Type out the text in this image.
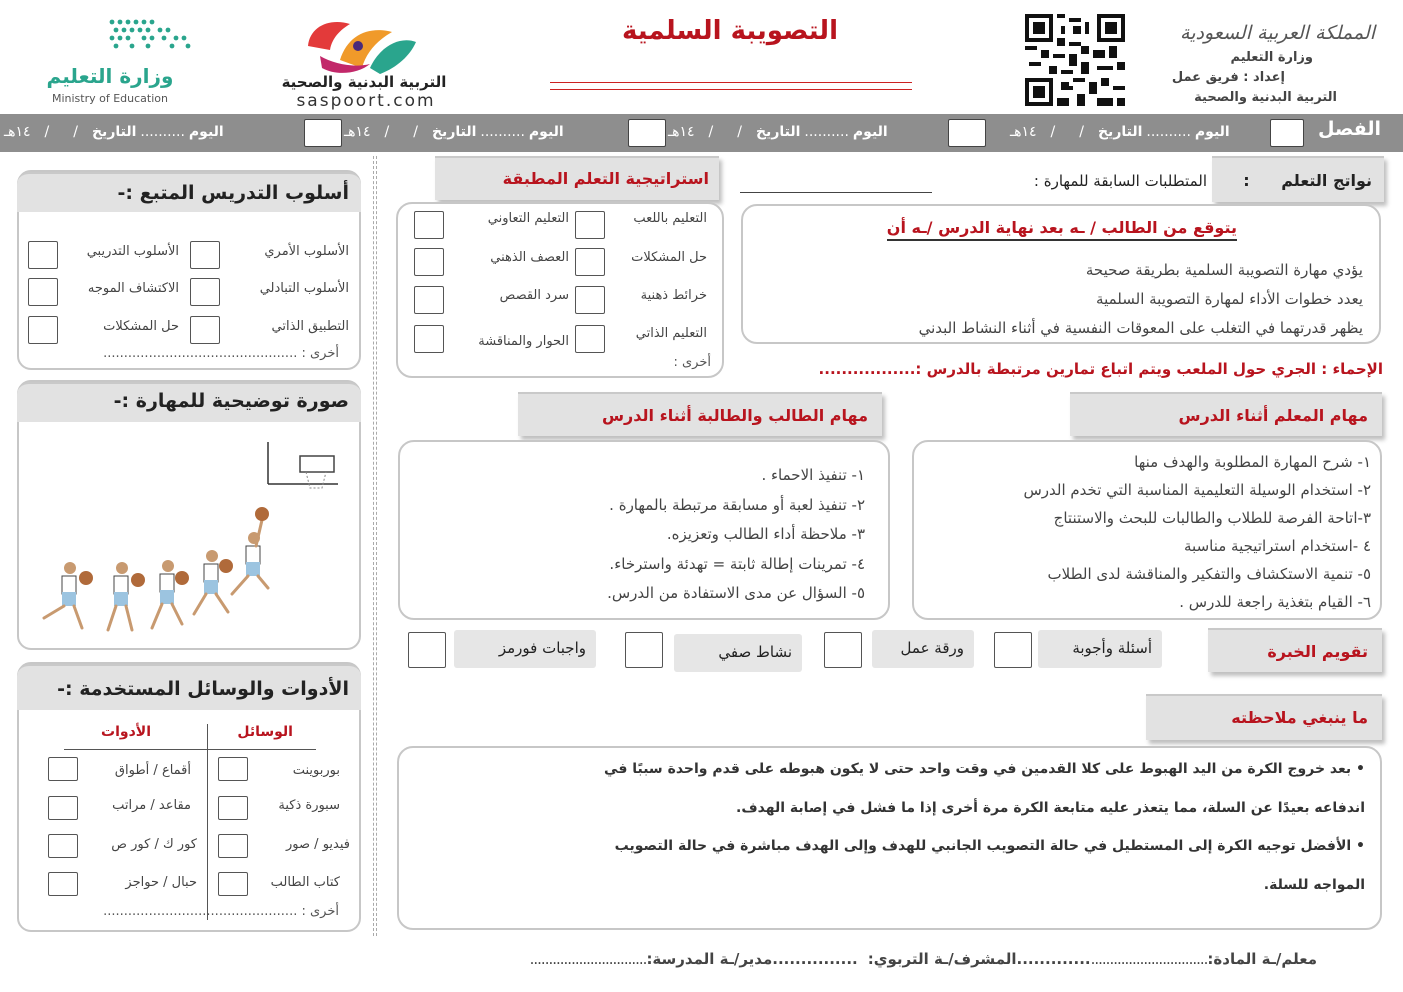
المملكة العربية السعودية
وزارة التعليم
إعداد : فريق عمل
التربية البدنية والصحية
التصويبة السلمية
التربية البدنية والصحية
saspoort.com
وزارة التعليم
Ministry of Education
الفصل
اليوم
..........
التاريخ
/
/
١٤هـ
اليوم
..........
التاريخ
/
/
١٤هـ
اليوم
..........
التاريخ
/
/
١٤هـ
اليوم
..........
التاريخ
/
/
١٤هـ
نواتج التعلم :
المتطلبات السابقة للمهارة :
يتوقع من الطالب / ـه بعد نهاية الدرس /ـه أن
يؤدي مهارة التصويبة السلمية بطريقة صحيحة
يعدد خطوات الأداء لمهارة التصويبة السلمية
يظهر قدرتهما في التغلب على المعوقات النفسية في أثناء النشاط البدني
استراتيجية التعلم المطبقة
التعليم باللعب
التعليم التعاوني
حل المشكلات
العصف الذهني
خرائط ذهنية
سرد القصص
التعليم الذاتي
الحوار والمناقشة
أخرى :
أسلوب التدريس المتبع :-
الأسلوب الأمري
الأسلوب التدريبي
الأسلوب التبادلي
الاكتشاف الموجه
التطبيق الذاتي
حل المشكلات
أخرى : ...............................................
الإحماء : الجري حول الملعب ويتم اتباع تمارين مرتبطة بالدرس :.................
صورة توضيحية للمهارة :-
الأدوات والوسائل المستخدمة :-
الوسائل
الأدوات
بوربوينت
أقماع / أطواق
سبورة ذكية
مقاعد / مراتب
فيديو / صور
كور ك / كور ص
كتاب الطالب
حبال / حواجز
أخرى : ...............................................
مهام المعلم أثناء الدرس
١- شرح المهارة المطلوبة والهدف منها
٢- استخدام الوسيلة التعليمية المناسبة التي تخدم الدرس
٣-اتاحة الفرصة للطلاب والطالبات للبحث والاستنتاج
٤ -استخدام استراتيجية مناسبة
٥- تنمية الاستكشاف والتفكير والمناقشة لدى الطلاب
٦- القيام بتغذية راجعة للدرس .
مهام الطالب والطالبة أثناء الدرس
١- تنفيذ الاحماء .
٢- تنفيذ لعبة أو مسابقة مرتبطة بالمهارة .
٣- ملاحظة أداء الطالب وتعزيزه.
٤- تمرينات إطالة ثابتة = تهدئة واسترخاء.
٥- السؤال عن مدى الاستفادة من الدرس.
تقويم الخبرة
أسئلة وأجوبة
ورقة عمل
نشاط صفي
واجبات فورمز
ما ينبغي ملاحظته
• بعد خروج الكرة من اليد الهبوط على كلا القدمين في وقت واحد حتى لا يكون هبوطه على قدم واحدة سببًا في
اندفاعه بعيدًا عن السلة، مما يتعذر عليه متابعة الكرة مرة أخرى إذا ما فشل في إصابة الهدف.
• الأفضل توجيه الكرة إلى المستطيل في حالة التصويب الجانبي للهدف وإلى الهدف مباشرة في حالة التصويب
المواجه للسلة.
معلم/ـة المادة:
...............................
.............المشرف/ـة التربوي:
...............مدير/ـة المدرسة:
...............................
